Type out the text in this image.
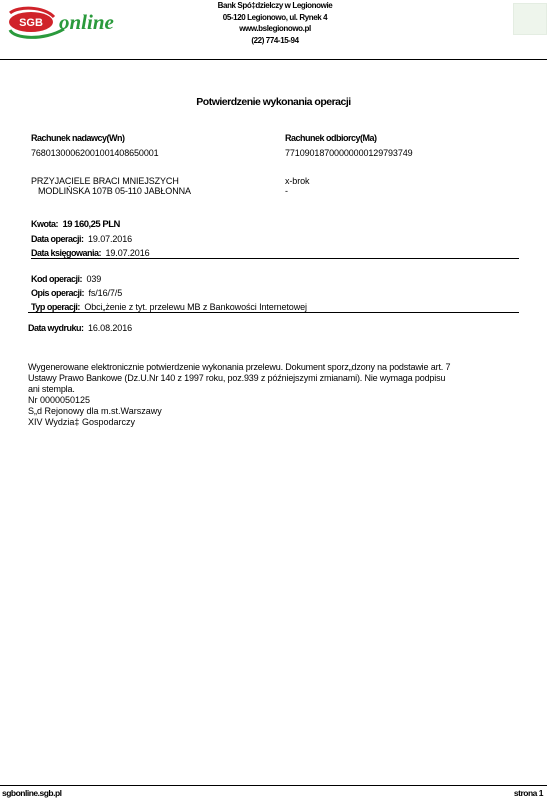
SGB online
Bank Spó‡dzielczy w Legionowie
05-120 Legionowo, ul. Rynek 4
www.bslegionowo.pl
(22) 774-15-94
Potwierdzenie wykonania operacji
Rachunek nadawcy(Wn)
76801300062001001408650001
PRZYJACIELE BRACI MNIEJSZYCH
MODLIŃSKA 107B 05-110 JABŁONNA
Rachunek odbiorcy(Ma)
77109018700000000129793749
x-brok
-
Kwota: 19 160,25 PLN
Data operacji: 19.07.2016
Data księgowania: 19.07.2016
Kod operacji: 039
Opis operacji: fs/16/7/5
Typ operacji: Obci„żenie z tyt. przelewu MB z Bankowości Internetowej
Data wydruku: 16.08.2016
Wygenerowane elektronicznie potwierdzenie wykonania przelewu. Dokument sporz„dzony na podstawie art. 7
Ustawy Prawo Bankowe (Dz.U.Nr 140 z 1997 roku, poz.939 z późniejszymi zmianami). Nie wymaga podpisu
ani stempla.
Nr 0000050125
S„d Rejonowy dla m.st.Warszawy
XIV Wydzia‡ Gospodarczy
sgbonline.sgb.pl	strona 1
